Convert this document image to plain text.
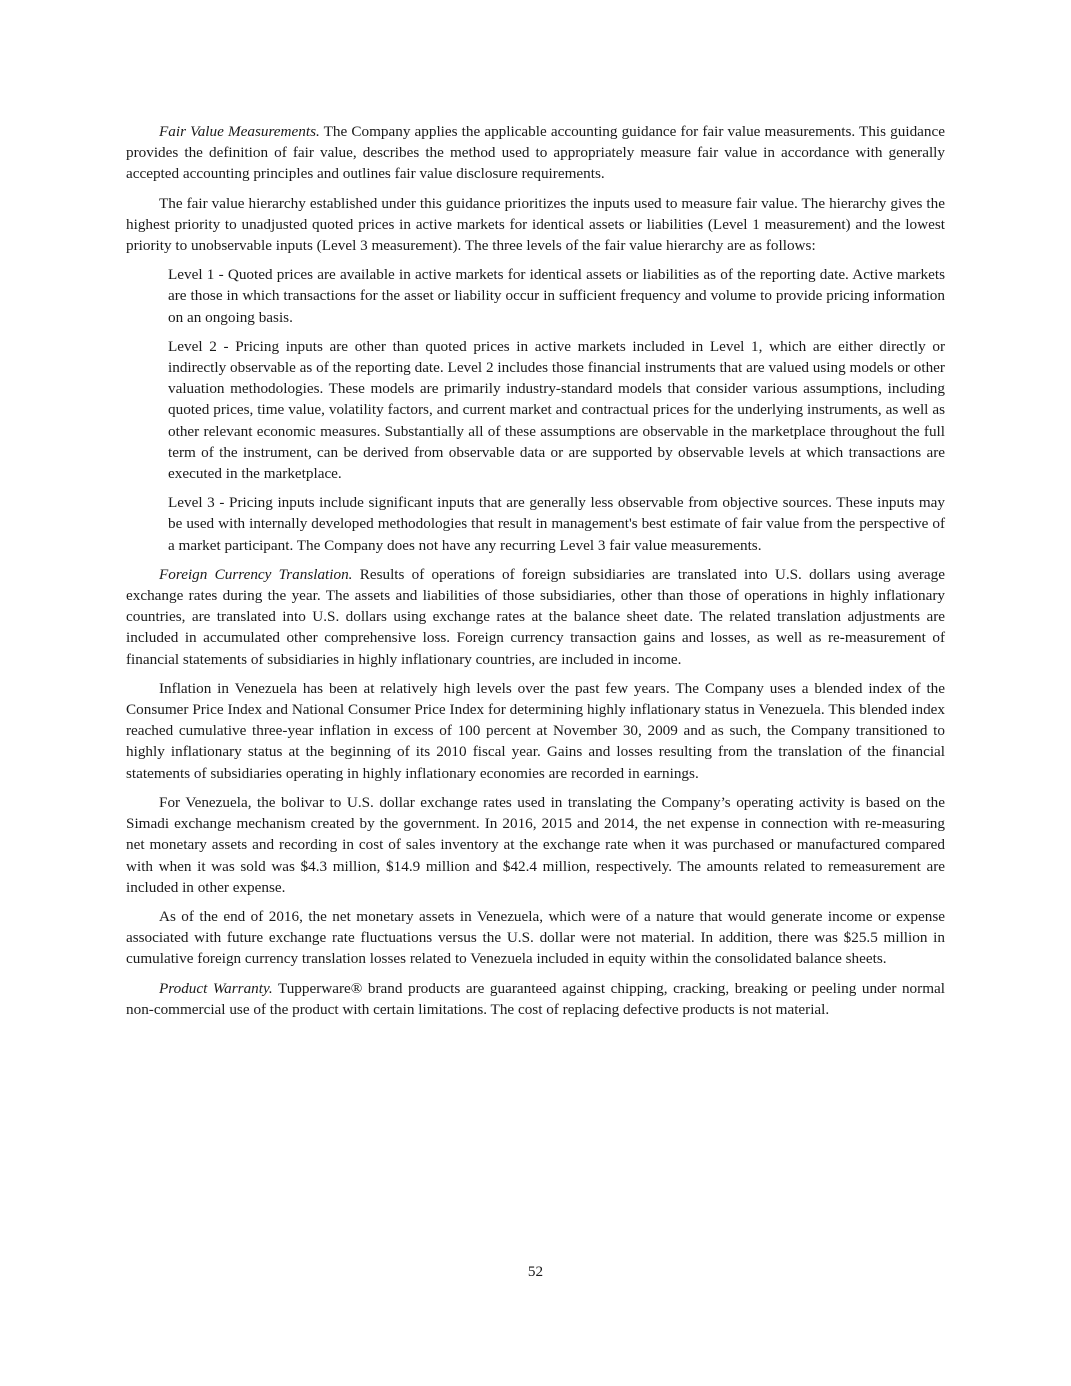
Fair Value Measurements. The Company applies the applicable accounting guidance for fair value measurements. This guidance provides the definition of fair value, describes the method used to appropriately measure fair value in accordance with generally accepted accounting principles and outlines fair value disclosure requirements.

The fair value hierarchy established under this guidance prioritizes the inputs used to measure fair value. The hierarchy gives the highest priority to unadjusted quoted prices in active markets for identical assets or liabilities (Level 1 measurement) and the lowest priority to unobservable inputs (Level 3 measurement). The three levels of the fair value hierarchy are as follows:

Level 1 - Quoted prices are available in active markets for identical assets or liabilities as of the reporting date. Active markets are those in which transactions for the asset or liability occur in sufficient frequency and volume to provide pricing information on an ongoing basis.

Level 2 - Pricing inputs are other than quoted prices in active markets included in Level 1, which are either directly or indirectly observable as of the reporting date. Level 2 includes those financial instruments that are valued using models or other valuation methodologies. These models are primarily industry-standard models that consider various assumptions, including quoted prices, time value, volatility factors, and current market and contractual prices for the underlying instruments, as well as other relevant economic measures. Substantially all of these assumptions are observable in the marketplace throughout the full term of the instrument, can be derived from observable data or are supported by observable levels at which transactions are executed in the marketplace.

Level 3 - Pricing inputs include significant inputs that are generally less observable from objective sources. These inputs may be used with internally developed methodologies that result in management's best estimate of fair value from the perspective of a market participant. The Company does not have any recurring Level 3 fair value measurements.

Foreign Currency Translation. Results of operations of foreign subsidiaries are translated into U.S. dollars using average exchange rates during the year. The assets and liabilities of those subsidiaries, other than those of operations in highly inflationary countries, are translated into U.S. dollars using exchange rates at the balance sheet date. The related translation adjustments are included in accumulated other comprehensive loss. Foreign currency transaction gains and losses, as well as re-measurement of financial statements of subsidiaries in highly inflationary countries, are included in income.

Inflation in Venezuela has been at relatively high levels over the past few years. The Company uses a blended index of the Consumer Price Index and National Consumer Price Index for determining highly inflationary status in Venezuela. This blended index reached cumulative three-year inflation in excess of 100 percent at November 30, 2009 and as such, the Company transitioned to highly inflationary status at the beginning of its 2010 fiscal year. Gains and losses resulting from the translation of the financial statements of subsidiaries operating in highly inflationary economies are recorded in earnings.

For Venezuela, the bolivar to U.S. dollar exchange rates used in translating the Company’s operating activity is based on the Simadi exchange mechanism created by the government. In 2016, 2015 and 2014, the net expense in connection with re-measuring net monetary assets and recording in cost of sales inventory at the exchange rate when it was purchased or manufactured compared with when it was sold was $4.3 million, $14.9 million and $42.4 million, respectively. The amounts related to remeasurement are included in other expense.

As of the end of 2016, the net monetary assets in Venezuela, which were of a nature that would generate income or expense associated with future exchange rate fluctuations versus the U.S. dollar were not material. In addition, there was $25.5 million in cumulative foreign currency translation losses related to Venezuela included in equity within the consolidated balance sheets.

Product Warranty. Tupperware® brand products are guaranteed against chipping, cracking, breaking or peeling under normal non-commercial use of the product with certain limitations. The cost of replacing defective products is not material.

52
